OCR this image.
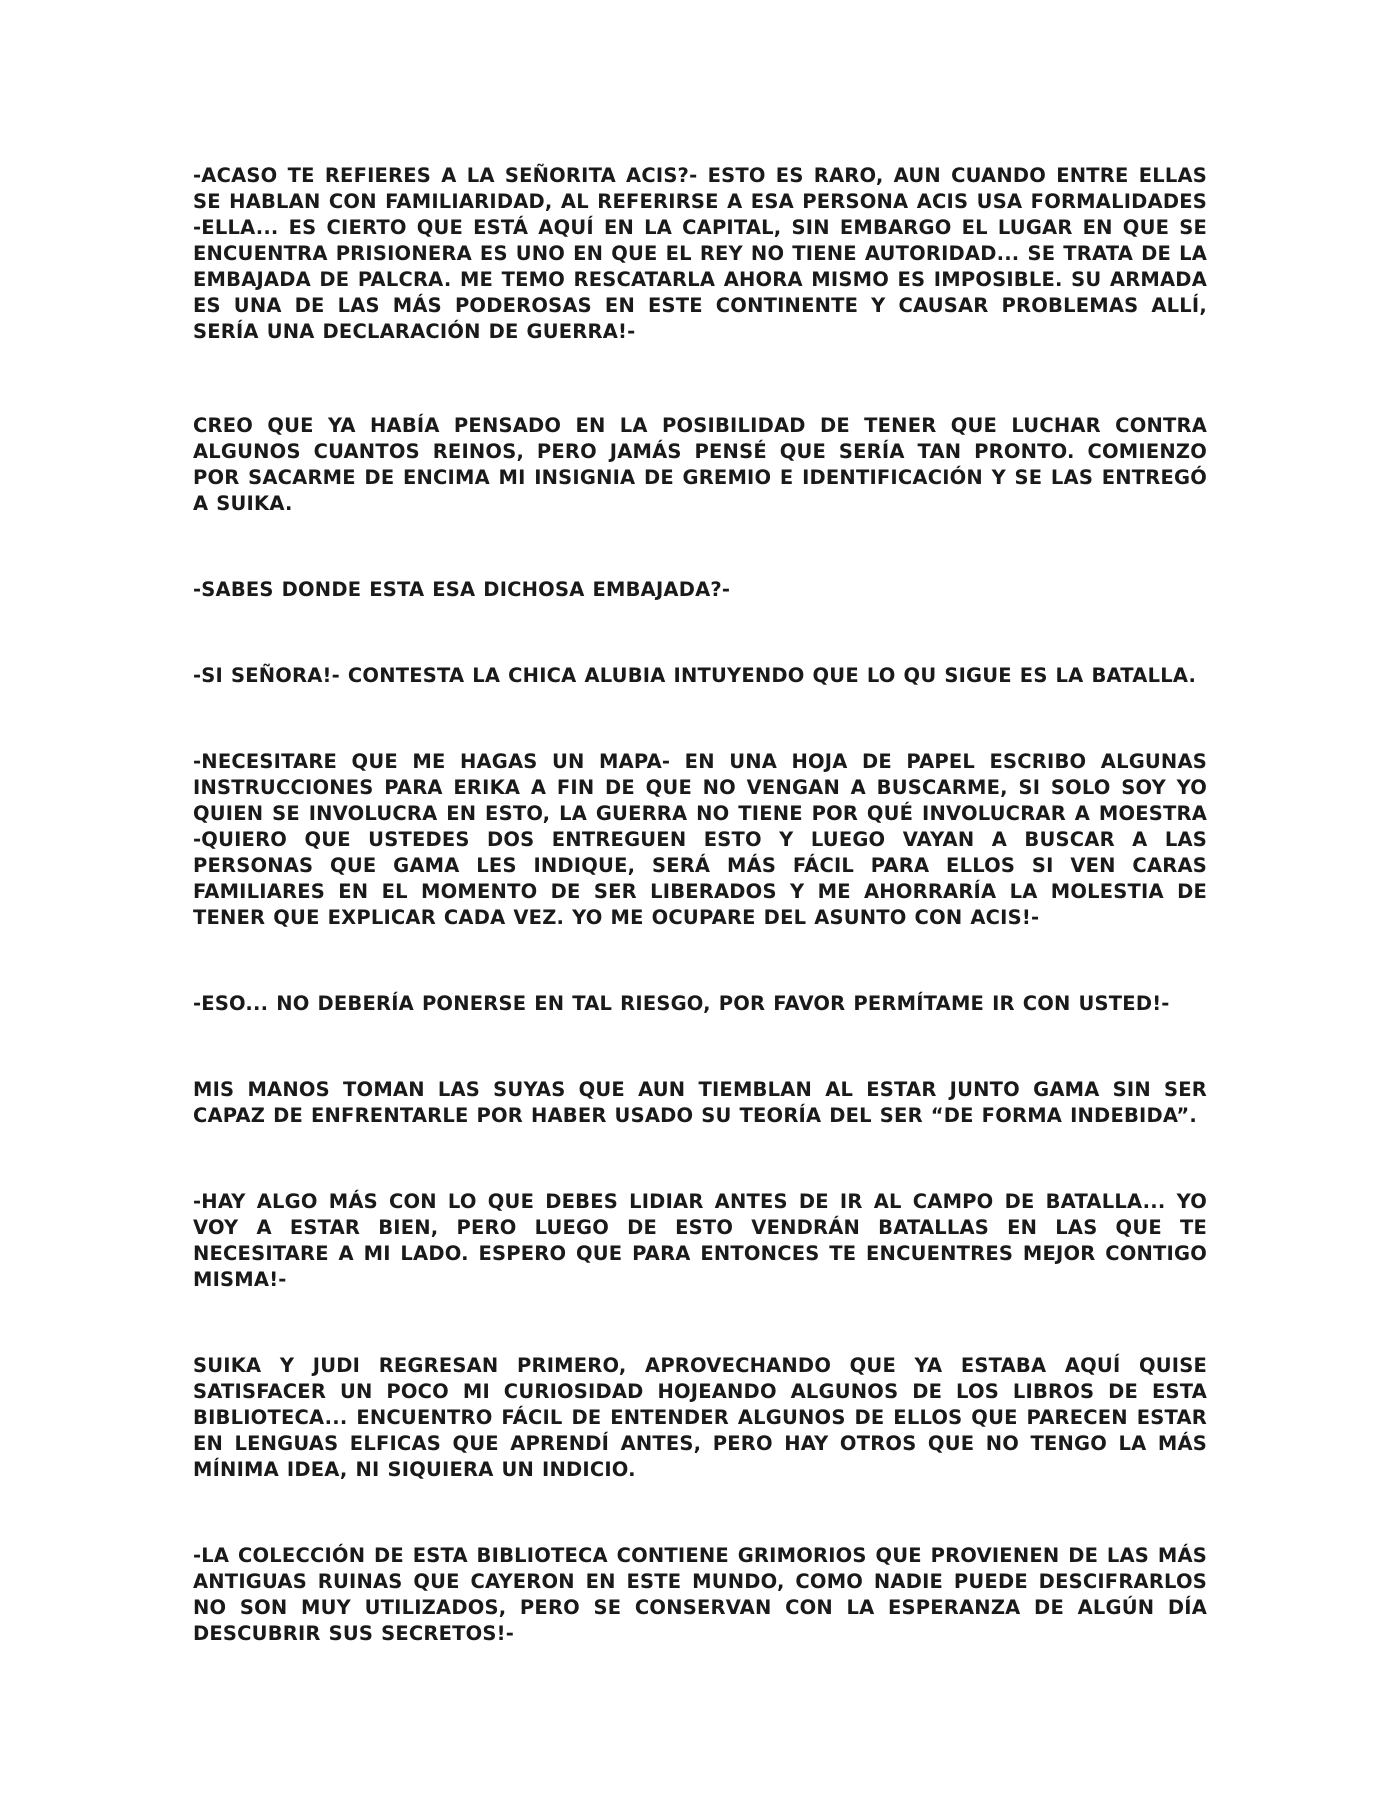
-ACASO TE REFIERES A LA SEÑORITA ACIS?- ESTO ES RARO, AUN CUANDO ENTRE ELLAS SE HABLAN CON FAMILIARIDAD, AL REFERIRSE A ESA PERSONA ACIS USA FORMALIDADES -ELLA... ES CIERTO QUE ESTÁ AQUÍ EN LA CAPITAL, SIN EMBARGO EL LUGAR EN QUE SE ENCUENTRA PRISIONERA ES UNO EN QUE EL REY NO TIENE AUTORIDAD... SE TRATA DE LA EMBAJADA DE PALCRA. ME TEMO RESCATARLA AHORA MISMO ES IMPOSIBLE. SU ARMADA ES UNA DE LAS MÁS PODEROSAS EN ESTE CONTINENTE Y CAUSAR PROBLEMAS ALLÍ, SERÍA UNA DECLARACIÓN DE GUERRA!-

CREO QUE YA HABÍA PENSADO EN LA POSIBILIDAD DE TENER QUE LUCHAR CONTRA ALGUNOS CUANTOS REINOS, PERO JAMÁS PENSÉ QUE SERÍA TAN PRONTO. COMIENZO POR SACARME DE ENCIMA MI INSIGNIA DE GREMIO E IDENTIFICACIÓN Y SE LAS ENTREGÓ A SUIKA.

-SABES DONDE ESTA ESA DICHOSA EMBAJADA?-

-SI SEÑORA!- CONTESTA LA CHICA ALUBIA INTUYENDO QUE LO QU SIGUE ES LA BATALLA.

-NECESITARE QUE ME HAGAS UN MAPA- EN UNA HOJA DE PAPEL ESCRIBO ALGUNAS INSTRUCCIONES PARA ERIKA A FIN DE QUE NO VENGAN A BUSCARME, SI SOLO SOY YO QUIEN SE INVOLUCRA EN ESTO, LA GUERRA NO TIENE POR QUÉ INVOLUCRAR A MOESTRA -QUIERO QUE USTEDES DOS ENTREGUEN ESTO Y LUEGO VAYAN A BUSCAR A LAS PERSONAS QUE GAMA LES INDIQUE, SERÁ MÁS FÁCIL PARA ELLOS SI VEN CARAS FAMILIARES EN EL MOMENTO DE SER LIBERADOS Y ME AHORRARÍA LA MOLESTIA DE TENER QUE EXPLICAR CADA VEZ. YO ME OCUPARE DEL ASUNTO CON ACIS!-

-ESO... NO DEBERÍA PONERSE EN TAL RIESGO, POR FAVOR PERMÍTAME IR CON USTED!-

MIS MANOS TOMAN LAS SUYAS QUE AUN TIEMBLAN AL ESTAR JUNTO GAMA SIN SER CAPAZ DE ENFRENTARLE POR HABER USADO SU TEORÍA DEL SER “DE FORMA INDEBIDA”.

-HAY ALGO MÁS CON LO QUE DEBES LIDIAR ANTES DE IR AL CAMPO DE BATALLA... YO VOY A ESTAR BIEN, PERO LUEGO DE ESTO VENDRÁN BATALLAS EN LAS QUE TE NECESITARE A MI LADO. ESPERO QUE PARA ENTONCES TE ENCUENTRES MEJOR CONTIGO MISMA!-

SUIKA Y JUDI REGRESAN PRIMERO, APROVECHANDO QUE YA ESTABA AQUÍ QUISE SATISFACER UN POCO MI CURIOSIDAD HOJEANDO ALGUNOS DE LOS LIBROS DE ESTA BIBLIOTECA... ENCUENTRO FÁCIL DE ENTENDER ALGUNOS DE ELLOS QUE PARECEN ESTAR EN LENGUAS ELFICAS QUE APRENDÍ ANTES, PERO HAY OTROS QUE NO TENGO LA MÁS MÍNIMA IDEA, NI SIQUIERA UN INDICIO.

-LA COLECCIÓN DE ESTA BIBLIOTECA CONTIENE GRIMORIOS QUE PROVIENEN DE LAS MÁS ANTIGUAS RUINAS QUE CAYERON EN ESTE MUNDO, COMO NADIE PUEDE DESCIFRARLOS NO SON MUY UTILIZADOS, PERO SE CONSERVAN CON LA ESPERANZA DE ALGÚN DÍA DESCUBRIR SUS SECRETOS!-
